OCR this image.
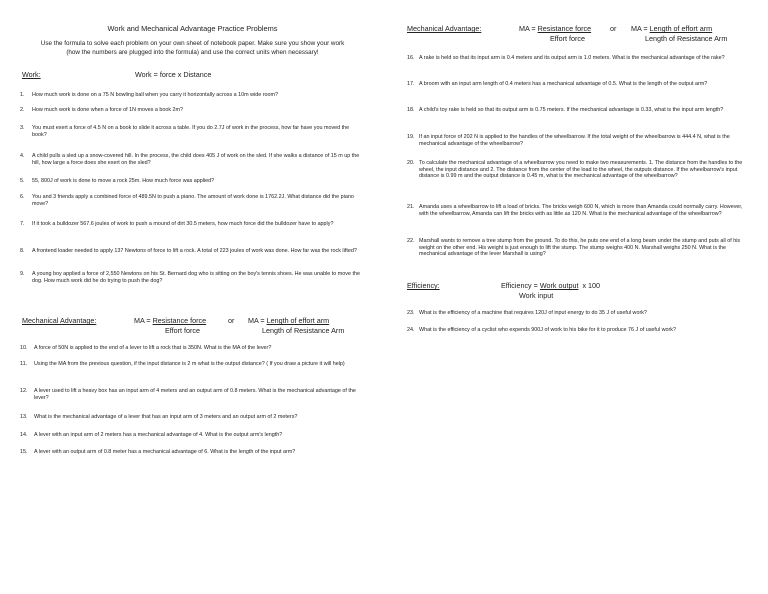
Work and Mechanical Advantage Practice Problems
Use the formula to solve each problem on your own sheet of notebook paper. Make sure you show your work
(how the numbers are plugged into the formula) and use the correct units when necessary!
Work:	Work = force x Distance
1. How much work is done on a 75 N bowling ball when you carry it horizontally across a 10m wide room?
2. How much work is done when a force of 1N moves a book 2m?
3. You must exert a force of 4.5 N on a book to slide it across a table. If you do 2.7J of work in the process, how far have you moved the book?
4. A child pulls a sled up a snow-covered hill. In the process, the child does 405 J of work on the sled. If she walks a distance of 15 m up the hill, how large a force does she exert on the sled?
5. 55, 800J of work is done to move a rock 25m. How much force was applied?
6. You and 3 friends apply a combined force of 489.5N to push a piano. The amount of work done is 1762.2J. What distance did the piano move?
7. If it took a bulldozer 567.6 joules of work to push a mound of dirt 30.5 meters, how much force did the bulldozer have to apply?
8. A frontend loader needed to apply 137 Newtons of force to lift a rock. A total of 223 joules of work was done. How far was the rock lifted?
9. A young boy applied a force of 2,550 Newtons on his St. Bernard dog who is sitting on the boy's tennis shoes. He was unable to move the dog. How much work did he do trying to push the dog?
Mechanical Advantage:	MA = Resistance force
Effort force
or MA = Length of effort arm
Length of Resistance Arm
10. A force of 50N is applied to the end of a lever to lift a rock that is 350N. What is the MA of the lever?
11. Using the MA from the previous question, if the input distance is 2 m what is the output distance? ( If you draw a picture it will help)
12. A lever used to lift a heavy box has an input arm of 4 meters and an output arm of 0.8 meters. What is the mechanical advantage of the lever?
13. What is the mechanical advantage of a lever that has an input arm of 3 meters and an output arm of 2 meters?
14. A lever with an input arm of 2 meters has a mechanical advantage of 4. What is the output arm's length?
15. A lever with an output arm of 0.8 meter has a mechanical advantage of 6. What is the length of the input arm?
Mechanical Advantage:	MA = Resistance force
Effort force
or MA = Length of effort arm
Length of Resistance Arm
16. A rake is held so that its input arm is 0.4 meters and its output arm is 1.0 meters. What is the mechanical advantage of the rake?
17. A broom with an input arm length of 0.4 meters has a mechanical advantage of 0.5. What is the length of the output arm?
18. A child's toy rake is held so that its output arm is 0.75 meters. If the mechanical advantage is 0.33, what is the input arm length?
19. If an input force of 202 N is applied to the handles of the wheelbarrow. If the total weight of the wheelbarrow is 444.4 N, what is the mechanical advantage of the wheelbarrow?
20. To calculate the mechanical advantage of a wheelbarrow you need to make two measurements. 1. The distance from the handles to the wheel, the input distance and 2. The distance from the center of the load to the wheel, the outputs distance. If the wheelbarrow's input distance is 0.99 m and the output distance is 0.45 m, what is the mechanical advantage of the wheelbarrow?
21. Amanda uses a wheelbarrow to lift a load of bricks. The bricks weigh 600 N, which is more than Amanda could normally carry. However, with the wheelbarrow, Amanda can lift the bricks with as little as 120 N. What is the mechanical advantage of the wheelbarrow?
22. Marshall wants to remove a tree stump from the ground. To do this, he puts one end of a long beam under the stump and puts all of his weight on the other end. His weight is just enough to lift the stump. The stump weighs 400 N. Marshall weighs 250 N. What is the mechanical advantage of the lever Marshall is using?
Efficiency:	Efficiency = Work output  x 100
Work input
23. What is the efficiency of a machine that requires 120J of input energy to do 35 J of useful work?
24. What is the efficiency of a cyclist who expends 900J of work to his bike for it to produce 76 J of useful work?
